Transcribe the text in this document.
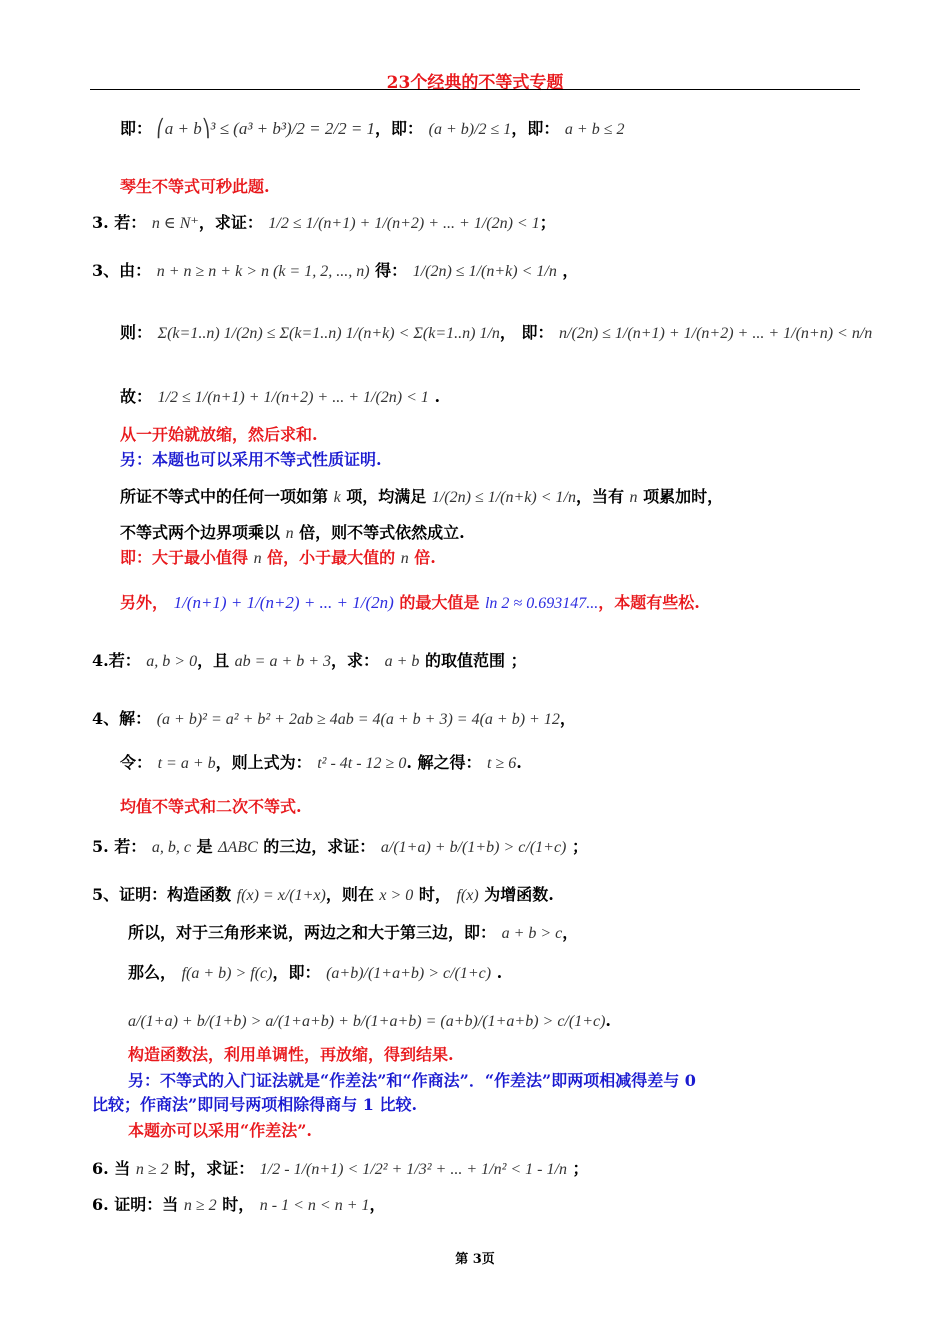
23个经典的不等式专题
即： ⎛a + b⎞³ ≤ (a³ + b³)/2 = 2/2 = 1，即： (a + b)/2 ≤ 1，即： a + b ≤ 2
琴生不等式可秒此题.
3. 若： n ∈ N⁺，求证： 1/2 ≤ 1/(n+1) + 1/(n+2) + ... + 1/(2n) < 1；
3、由： n + n ≥ n + k > n (k = 1, 2, ..., n) 得： 1/(2n) ≤ 1/(n+k) < 1/n ，
则： Σ(k=1..n) 1/(2n) ≤ Σ(k=1..n) 1/(n+k) < Σ(k=1..n) 1/n， 即： n/(2n) ≤ 1/(n+1) + 1/(n+2) + ... + 1/(n+n) < n/n
故： 1/2 ≤ 1/(n+1) + 1/(n+2) + ... + 1/(2n) < 1 .
从一开始就放缩，然后求和.
另：本题也可以采用不等式性质证明.
所证不等式中的任何一项如第 k 项，均满足 1/(2n) ≤ 1/(n+k) < 1/n，当有 n 项累加时，
不等式两个边界项乘以 n 倍，则不等式依然成立.
即：大于最小值得 n 倍，小于最大值的 n 倍.
另外， 1/(n+1) + 1/(n+2) + ... + 1/(2n) 的最大值是 ln 2 ≈ 0.693147...，本题有些松.
4.若： a, b > 0，且 ab = a + b + 3，求： a + b 的取值范围 ；
4、解： (a + b)² = a² + b² + 2ab ≥ 4ab = 4(a + b + 3) = 4(a + b) + 12，
令： t = a + b，则上式为： t² - 4t - 12 ≥ 0. 解之得： t ≥ 6.
均值不等式和二次不等式.
5. 若： a, b, c 是 ΔABC 的三边，求证： a/(1+a) + b/(1+b) > c/(1+c) ；
5、证明：构造函数 f(x) = x/(1+x)，则在 x > 0 时， f(x) 为增函数.
所以，对于三角形来说，两边之和大于第三边，即： a + b > c，
那么， f(a + b) > f(c)，即： (a+b)/(1+a+b) > c/(1+c) .
a/(1+a) + b/(1+b) > a/(1+a+b) + b/(1+a+b) = (a+b)/(1+a+b) > c/(1+c).
构造函数法，利用单调性，再放缩，得到结果.
另：不等式的入门证法就是“作差法”和“作商法”．“作差法”即两项相减得差与 0
比较；作商法”即同号两项相除得商与 1 比较.
本题亦可以采用“作差法”.
6. 当 n ≥ 2 时，求证： 1/2 - 1/(n+1) < 1/2² + 1/3² + ... + 1/n² < 1 - 1/n ；
6. 证明：当 n ≥ 2 时， n - 1 < n < n + 1，
第 3页
